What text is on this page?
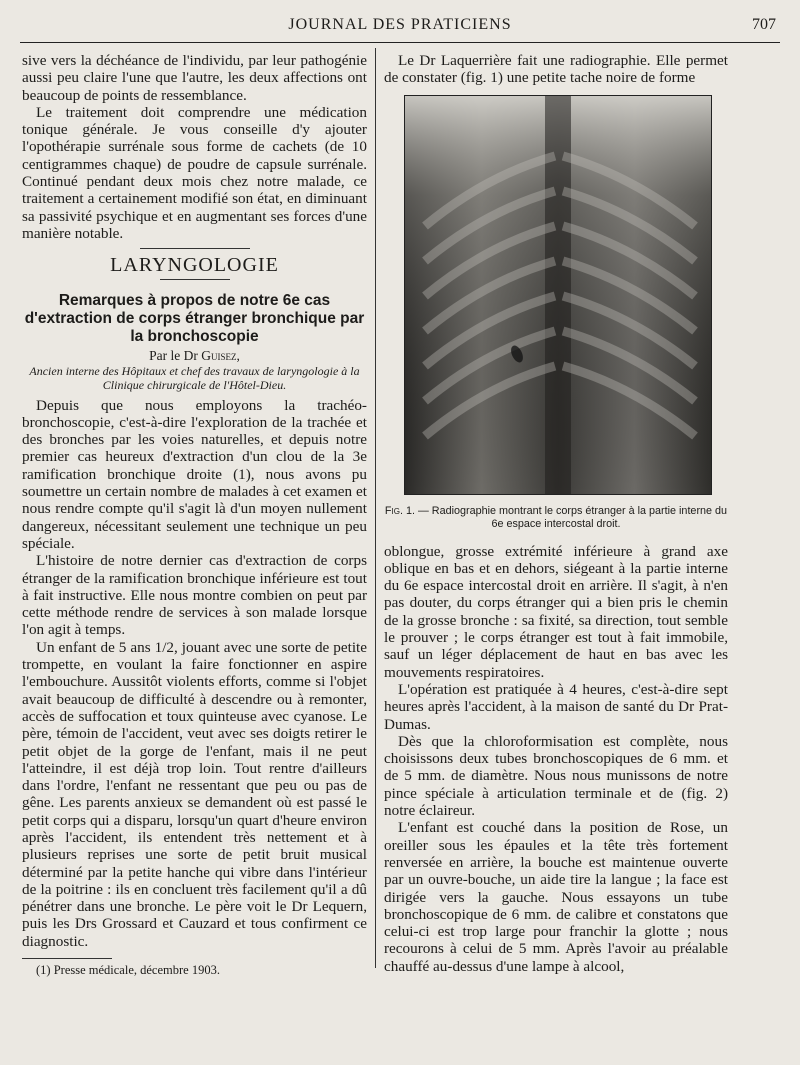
JOURNAL DES PRATICIENS	707

sive vers la déchéance de l'individu, par leur pathogénie aussi peu claire l'une que l'autre, les deux affections ont beaucoup de points de ressemblance.

Le traitement doit comprendre une médication tonique générale. Je vous conseille d'y ajouter l'opothérapie surrénale sous forme de cachets (de 10 centigrammes chaque) de poudre de capsule surrénale. Continué pendant deux mois chez notre malade, ce traitement a certainement modifié son état, en diminuant sa passivité psychique et en augmentant ses forces d'une manière notable.

LARYNGOLOGIE
Remarques à propos de notre 6e cas d'extraction de corps étranger bronchique par la bronchoscopie
Par le Dr Guisez,
Ancien interne des Hôpitaux et chef des travaux de laryngologie à la Clinique chirurgicale de l'Hôtel-Dieu.

Depuis que nous employons la trachéo-bronchoscopie, c'est-à-dire l'exploration de la trachée et des bronches par les voies naturelles, et depuis notre premier cas heureux d'extraction d'un clou de la 3e ramification bronchique droite (1), nous avons pu soumettre un certain nombre de malades à cet examen et nous rendre compte qu'il s'agit là d'un moyen nullement dangereux, nécessitant seulement une technique un peu spéciale.

L'histoire de notre dernier cas d'extraction de corps étranger de la ramification bronchique inférieure est tout à fait instructive. Elle nous montre combien on peut par cette méthode rendre de services à son malade lorsque l'on agit à temps.

Un enfant de 5 ans 1/2, jouant avec une sorte de petite trompette, en voulant la faire fonctionner en aspire l'embouchure. Aussitôt violents efforts, comme si l'objet avait beaucoup de difficulté à descendre ou à remonter, accès de suffocation et toux quinteuse avec cyanose. Le père, témoin de l'accident, veut avec ses doigts retirer le petit objet de la gorge de l'enfant, mais il ne peut l'atteindre, il est déjà trop loin. Tout rentre d'ailleurs dans l'ordre, l'enfant ne ressentant que peu ou pas de gêne. Les parents anxieux se demandent où est passé le petit corps qui a disparu, lorsqu'un quart d'heure environ après l'accident, ils entendent très nettement et à plusieurs reprises une sorte de petit bruit musical déterminé par la petite hanche qui vibre dans l'intérieur de la poitrine : ils en concluent très facilement qu'il a dû pénétrer dans une bronche. Le père voit le Dr Lequern, puis les Drs Grossard et Cauzard et tous confirment ce diagnostic.

(1) Presse médicale, décembre 1903.

Le Dr Laquerrière fait une radiographie. Elle permet de constater (fig. 1) une petite tache noire de forme

Fig. 1. — Radiographie montrant le corps étranger à la partie interne du 6e espace intercostal droit.

oblongue, grosse extrémité inférieure à grand axe oblique en bas et en dehors, siégeant à la partie interne du 6e espace intercostal droit en arrière. Il s'agit, à n'en pas douter, du corps étranger qui a bien pris le chemin de la grosse bronche : sa fixité, sa direction, tout semble le prouver ; le corps étranger est tout à fait immobile, sauf un léger déplacement de haut en bas avec les mouvements respiratoires.

L'opération est pratiquée à 4 heures, c'est-à-dire sept heures après l'accident, à la maison de santé du Dr Prat-Dumas.

Dès que la chloroformisation est complète, nous choisissons deux tubes bronchoscopiques de 6 mm. et de 5 mm. de diamètre. Nous nous munissons de notre pince spéciale à articulation terminale et de (fig. 2) notre éclaireur.

L'enfant est couché dans la position de Rose, un oreiller sous les épaules et la tête très fortement renversée en arrière, la bouche est maintenue ouverte par un ouvre-bouche, un aide tire la langue ; la face est dirigée vers la gauche. Nous essayons un tube bronchoscopique de 6 mm. de calibre et constatons que celui-ci est trop large pour franchir la glotte ; nous recourons à celui de 5 mm. Après l'avoir au préalable chauffé au-dessus d'une lampe à alcool,
